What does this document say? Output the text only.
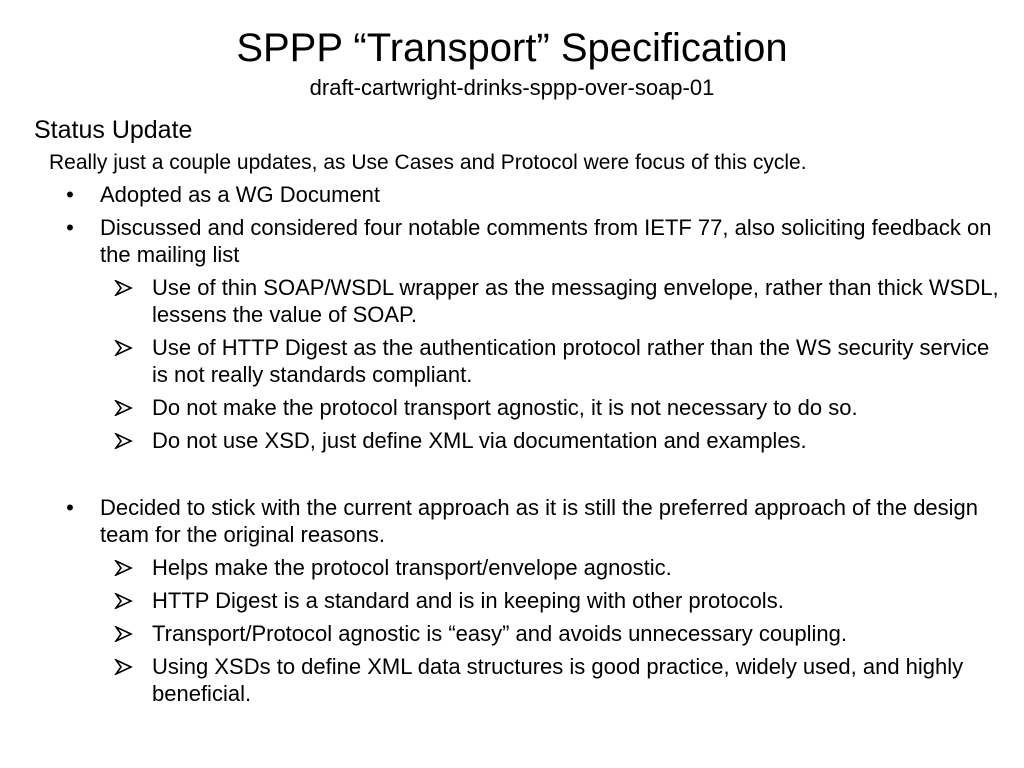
SPPP “Transport” Specification
draft-cartwright-drinks-sppp-over-soap-01
Status Update
Really just a couple updates, as Use Cases and Protocol were focus of this cycle.
• Adopted as a WG Document
• Discussed and considered four notable comments from IETF 77, also soliciting feedback on the mailing list
Use of thin SOAP/WSDL wrapper as the messaging envelope, rather than thick WSDL, lessens the value of SOAP.
Use of HTTP Digest as the authentication protocol rather than the WS security service is not really standards compliant.
Do not make the protocol transport agnostic, it is not necessary to do so.
Do not use XSD, just define XML via documentation and examples.
• Decided to stick with the current approach as it is still the preferred approach of the design team for the original reasons.
Helps make the protocol transport/envelope agnostic.
HTTP Digest is a standard and is in keeping with other protocols.
Transport/Protocol agnostic is “easy” and avoids unnecessary coupling.
Using XSDs to define XML data structures is good practice, widely used, and highly beneficial.
